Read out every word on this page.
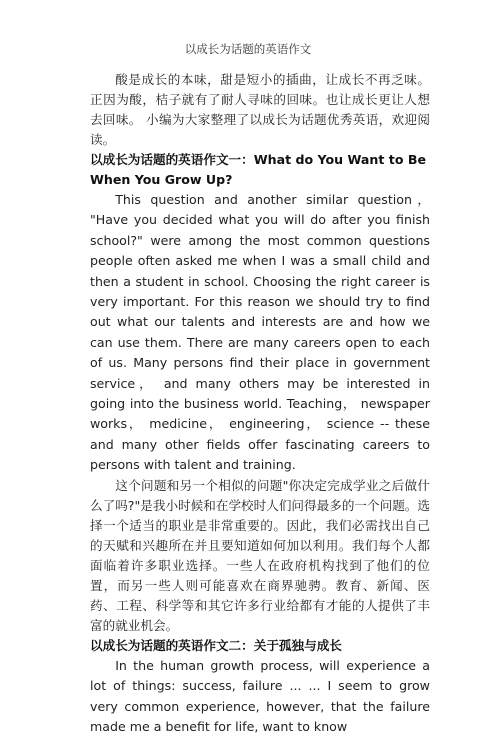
以成长为话题的英语作文

酸是成长的本味，甜是短小的插曲，让成长不再乏味。正因为酸，桔子就有了耐人寻味的回味。也让成长更让人想去回味。 小编为大家整理了以成长为话题优秀英语，欢迎阅读。

以成长为话题的英语作文一：What do You Want to Be When You Grow Up?

This question and another similar question， "Have you decided what you will do after you finish school?" were among the most common questions people often asked me when I was a small child and then a student in school. Choosing the right career is very important. For this reason we should try to find out what our talents and interests are and how we can use them. There are many careers open to each of us. Many persons find their place in government service， and many others may be interested in going into the business world. Teaching， newspaper works， medicine， engineering， science -- these and many other fields offer fascinating careers to persons with talent and training.

这个问题和另一个相似的问题"你决定完成学业之后做什么了吗?"是我小时候和在学校时人们问得最多的一个问题。选择一个适当的职业是非常重要的。因此，我们必需找出自己的天赋和兴趣所在并且要知道如何加以利用。我们每个人都面临着许多职业选择。一些人在政府机构找到了他们的位置，而另一些人则可能喜欢在商界驰骋。教育、新闻、医药、工程、科学等和其它许多行业给都有才能的人提供了丰富的就业机会。

以成长为话题的英语作文二：关于孤独与成长

In the human growth process, will experience a lot of things: success, failure ... ... I seem to grow very common experience, however, that the failure made me a benefit for life, want to know
